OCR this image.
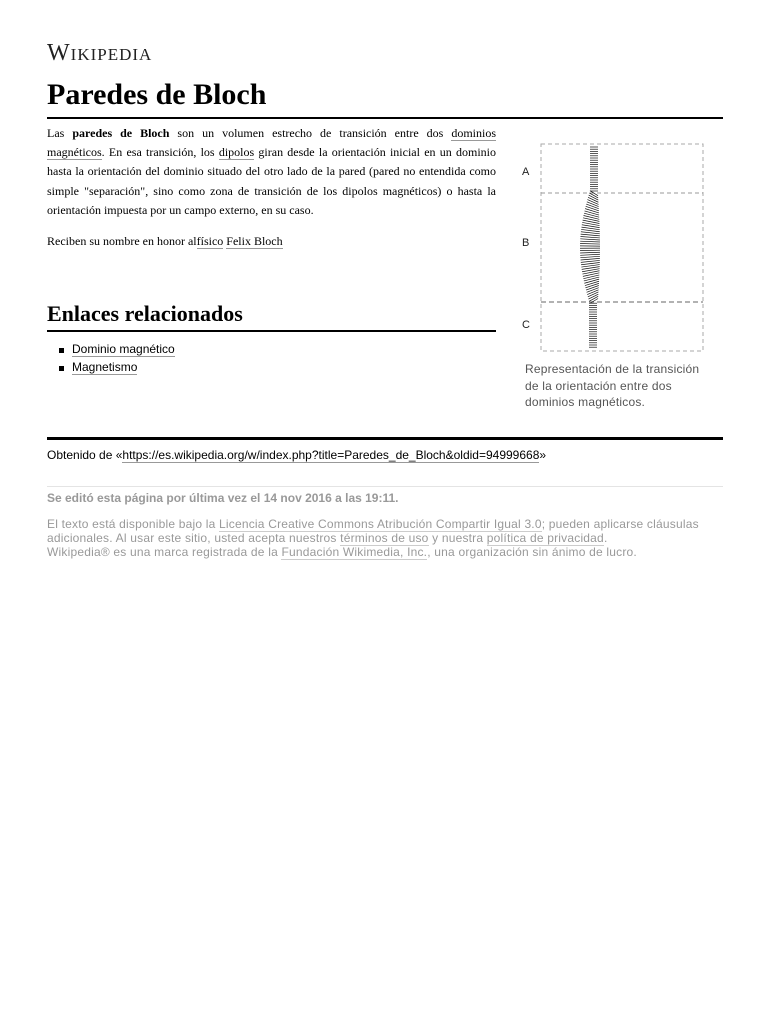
Wikipedia
Paredes de Bloch

Las paredes de Bloch son un volumen estrecho de transición entre dos dominios magnéticos. En esa transición, los dipolos giran desde la orientación inicial en un dominio hasta la orientación del dominio situado del otro lado de la pared (pared no entendida como simple "separación", sino como zona de transición de los dipolos magnéticos) o hasta la orientación impuesta por un campo externo, en su caso.

Reciben su nombre en honor alfísico Felix Bloch

Enlaces relacionados
Dominio magnético
Magnetismo
A
B
C

Representación de la transición de la orientación entre dos dominios magnéticos.

Obtenido de «https://es.wikipedia.org/w/index.php?title=Paredes_de_Bloch&oldid=94999668»

Se editó esta página por última vez el 14 nov 2016 a las 19:11.

El texto está disponible bajo la Licencia Creative Commons Atribución Compartir Igual 3.0; pueden aplicarse cláusulas adicionales. Al usar este sitio, usted acepta nuestros términos de uso y nuestra política de privacidad.
Wikipedia® es una marca registrada de la Fundación Wikimedia, Inc., una organización sin ánimo de lucro.
